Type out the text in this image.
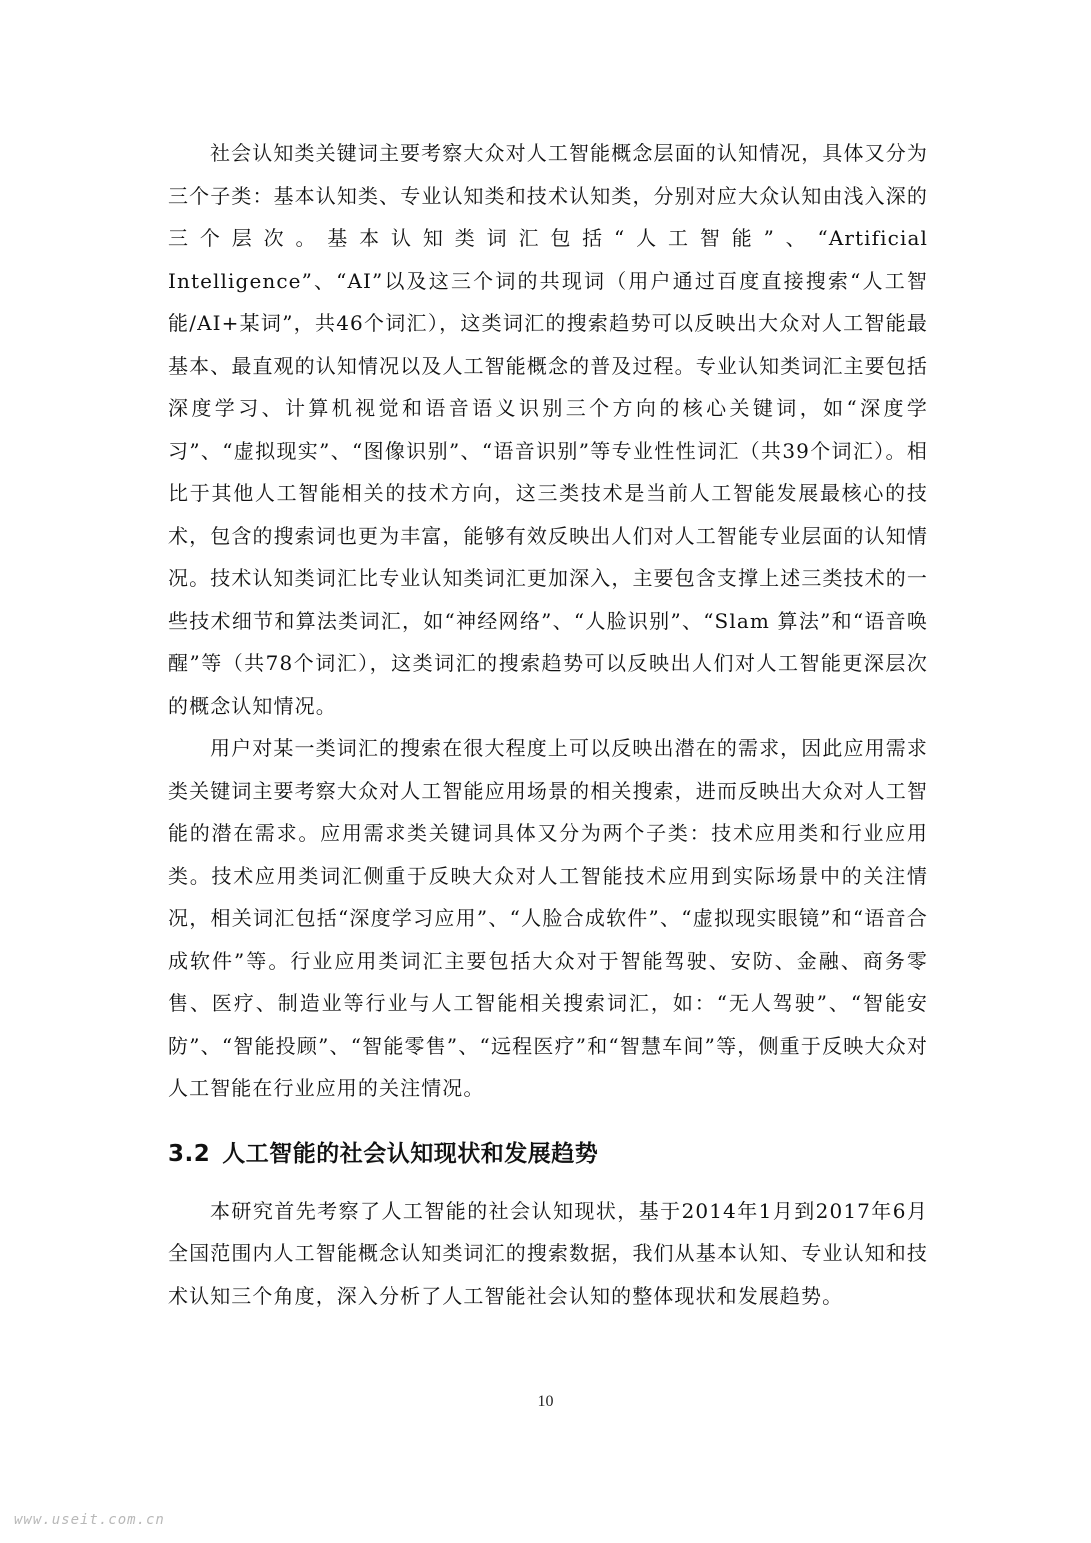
社会认知类关键词主要考察大众对人工智能概念层面的认知情况，具体又分为三个子类：基本认知类、专业认知类和技术认知类，分别对应大众认知由浅入深的三个层次。基本认知类词汇包括“人工智能”、“Artificial Intelligence”、“AI”以及这三个词的共现词（用户通过百度直接搜索“人工智能/AI+某词”，共46个词汇），这类词汇的搜索趋势可以反映出大众对人工智能最基本、最直观的认知情况以及人工智能概念的普及过程。专业认知类词汇主要包括深度学习、计算机视觉和语音语义识别三个方向的核心关键词，如“深度学习”、“虚拟现实”、“图像识别”、“语音识别”等专业性性词汇（共39个词汇）。相比于其他人工智能相关的技术方向，这三类技术是当前人工智能发展最核心的技术，包含的搜索词也更为丰富，能够有效反映出人们对人工智能专业层面的认知情况。技术认知类词汇比专业认知类词汇更加深入，主要包含支撑上述三类技术的一些技术细节和算法类词汇，如“神经网络”、“人脸识别”、“Slam 算法”和“语音唤醒”等（共78个词汇），这类词汇的搜索趋势可以反映出人们对人工智能更深层次的概念认知情况。

用户对某一类词汇的搜索在很大程度上可以反映出潜在的需求，因此应用需求类关键词主要考察大众对人工智能应用场景的相关搜索，进而反映出大众对人工智能的潜在需求。应用需求类关键词具体又分为两个子类：技术应用类和行业应用类。技术应用类词汇侧重于反映大众对人工智能技术应用到实际场景中的关注情况，相关词汇包括“深度学习应用”、“人脸合成软件”、“虚拟现实眼镜”和“语音合成软件”等。行业应用类词汇主要包括大众对于智能驾驶、安防、金融、商务零售、医疗、制造业等行业与人工智能相关搜索词汇，如：“无人驾驶”、“智能安防”、“智能投顾”、“智能零售”、“远程医疗”和“智慧车间”等，侧重于反映大众对人工智能在行业应用的关注情况。

3.2 人工智能的社会认知现状和发展趋势

本研究首先考察了人工智能的社会认知现状，基于2014年1月到2017年6月全国范围内人工智能概念认知类词汇的搜索数据，我们从基本认知、专业认知和技术认知三个角度，深入分析了人工智能社会认知的整体现状和发展趋势。

10
www.useit.com.cn
